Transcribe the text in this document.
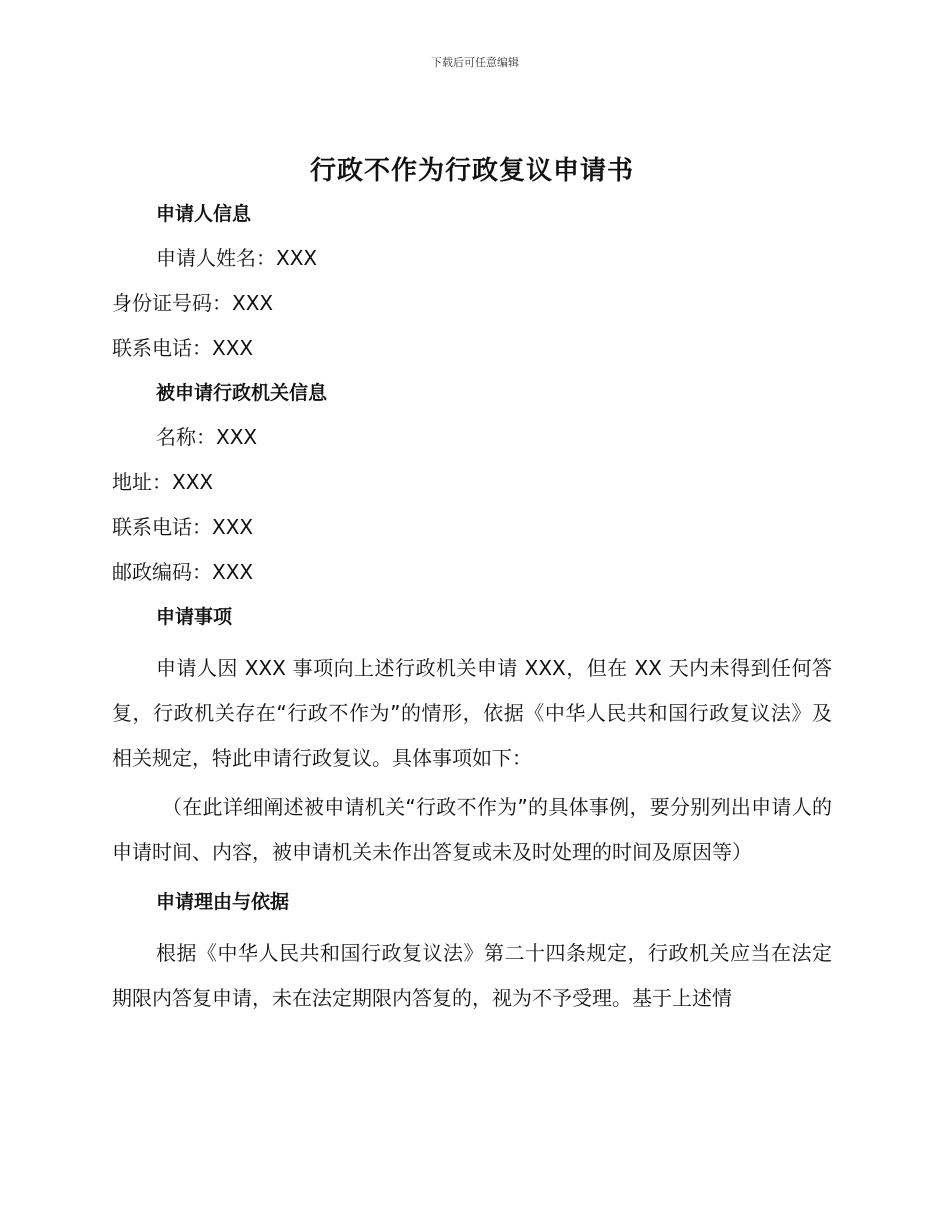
下载后可任意编辑
行政不作为行政复议申请书
申请人信息
申请人姓名：XXX
身份证号码：XXX
联系电话：XXX
被申请行政机关信息
名称：XXX
地址：XXX
联系电话：XXX
邮政编码：XXX
申请事项

申请人因 XXX 事项向上述行政机关申请 XXX，但在 XX 天内未得到任何答复，行政机关存在“行政不作为”的情形，依据《中华人民共和国行政复议法》及相关规定，特此申请行政复议。具体事项如下：

（在此详细阐述被申请机关“行政不作为”的具体事例，要分别列出申请人的申请时间、内容，被申请机关未作出答复或未及时处理的时间及原因等）

申请理由与依据

根据《中华人民共和国行政复议法》第二十四条规定，行政机关应当在法定期限内答复申请，未在法定期限内答复的，视为不予受理。基于上述情
